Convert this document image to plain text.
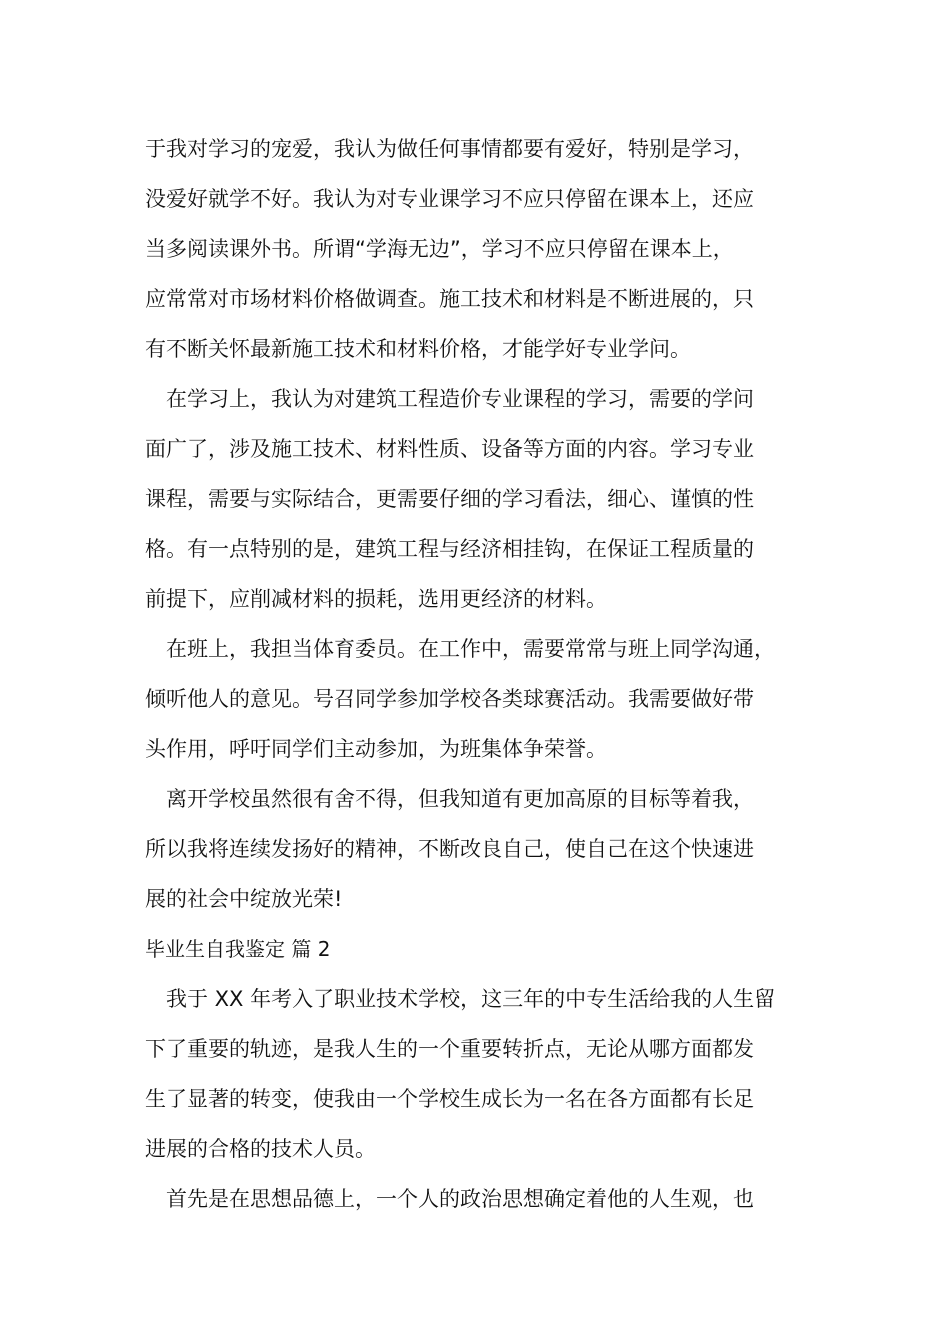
于我对学习的宠爱，我认为做任何事情都要有爱好，特别是学习，
没爱好就学不好。我认为对专业课学习不应只停留在课本上，还应
当多阅读课外书。所谓“学海无边”，学习不应只停留在课本上，
应常常对市场材料价格做调查。施工技术和材料是不断进展的，只
有不断关怀最新施工技术和材料价格，才能学好专业学问。
　在学习上，我认为对建筑工程造价专业课程的学习，需要的学问
面广了，涉及施工技术、材料性质、设备等方面的内容。学习专业
课程，需要与实际结合，更需要仔细的学习看法，细心、谨慎的性
格。有一点特别的是，建筑工程与经济相挂钩，在保证工程质量的
前提下，应削减材料的损耗，选用更经济的材料。
　在班上，我担当体育委员。在工作中，需要常常与班上同学沟通，
倾听他人的意见。号召同学参加学校各类球赛活动。我需要做好带
头作用，呼吁同学们主动参加，为班集体争荣誉。
　离开学校虽然很有舍不得，但我知道有更加高原的目标等着我，
所以我将连续发扬好的精神，不断改良自己，使自己在这个快速进
展的社会中绽放光荣!
毕业生自我鉴定 篇 2
　我于 XX 年考入了职业技术学校，这三年的中专生活给我的人生留
下了重要的轨迹，是我人生的一个重要转折点，无论从哪方面都发
生了显著的转变，使我由一个学校生成长为一名在各方面都有长足
进展的合格的技术人员。
　首先是在思想品德上，一个人的政治思想确定着他的人生观，也
